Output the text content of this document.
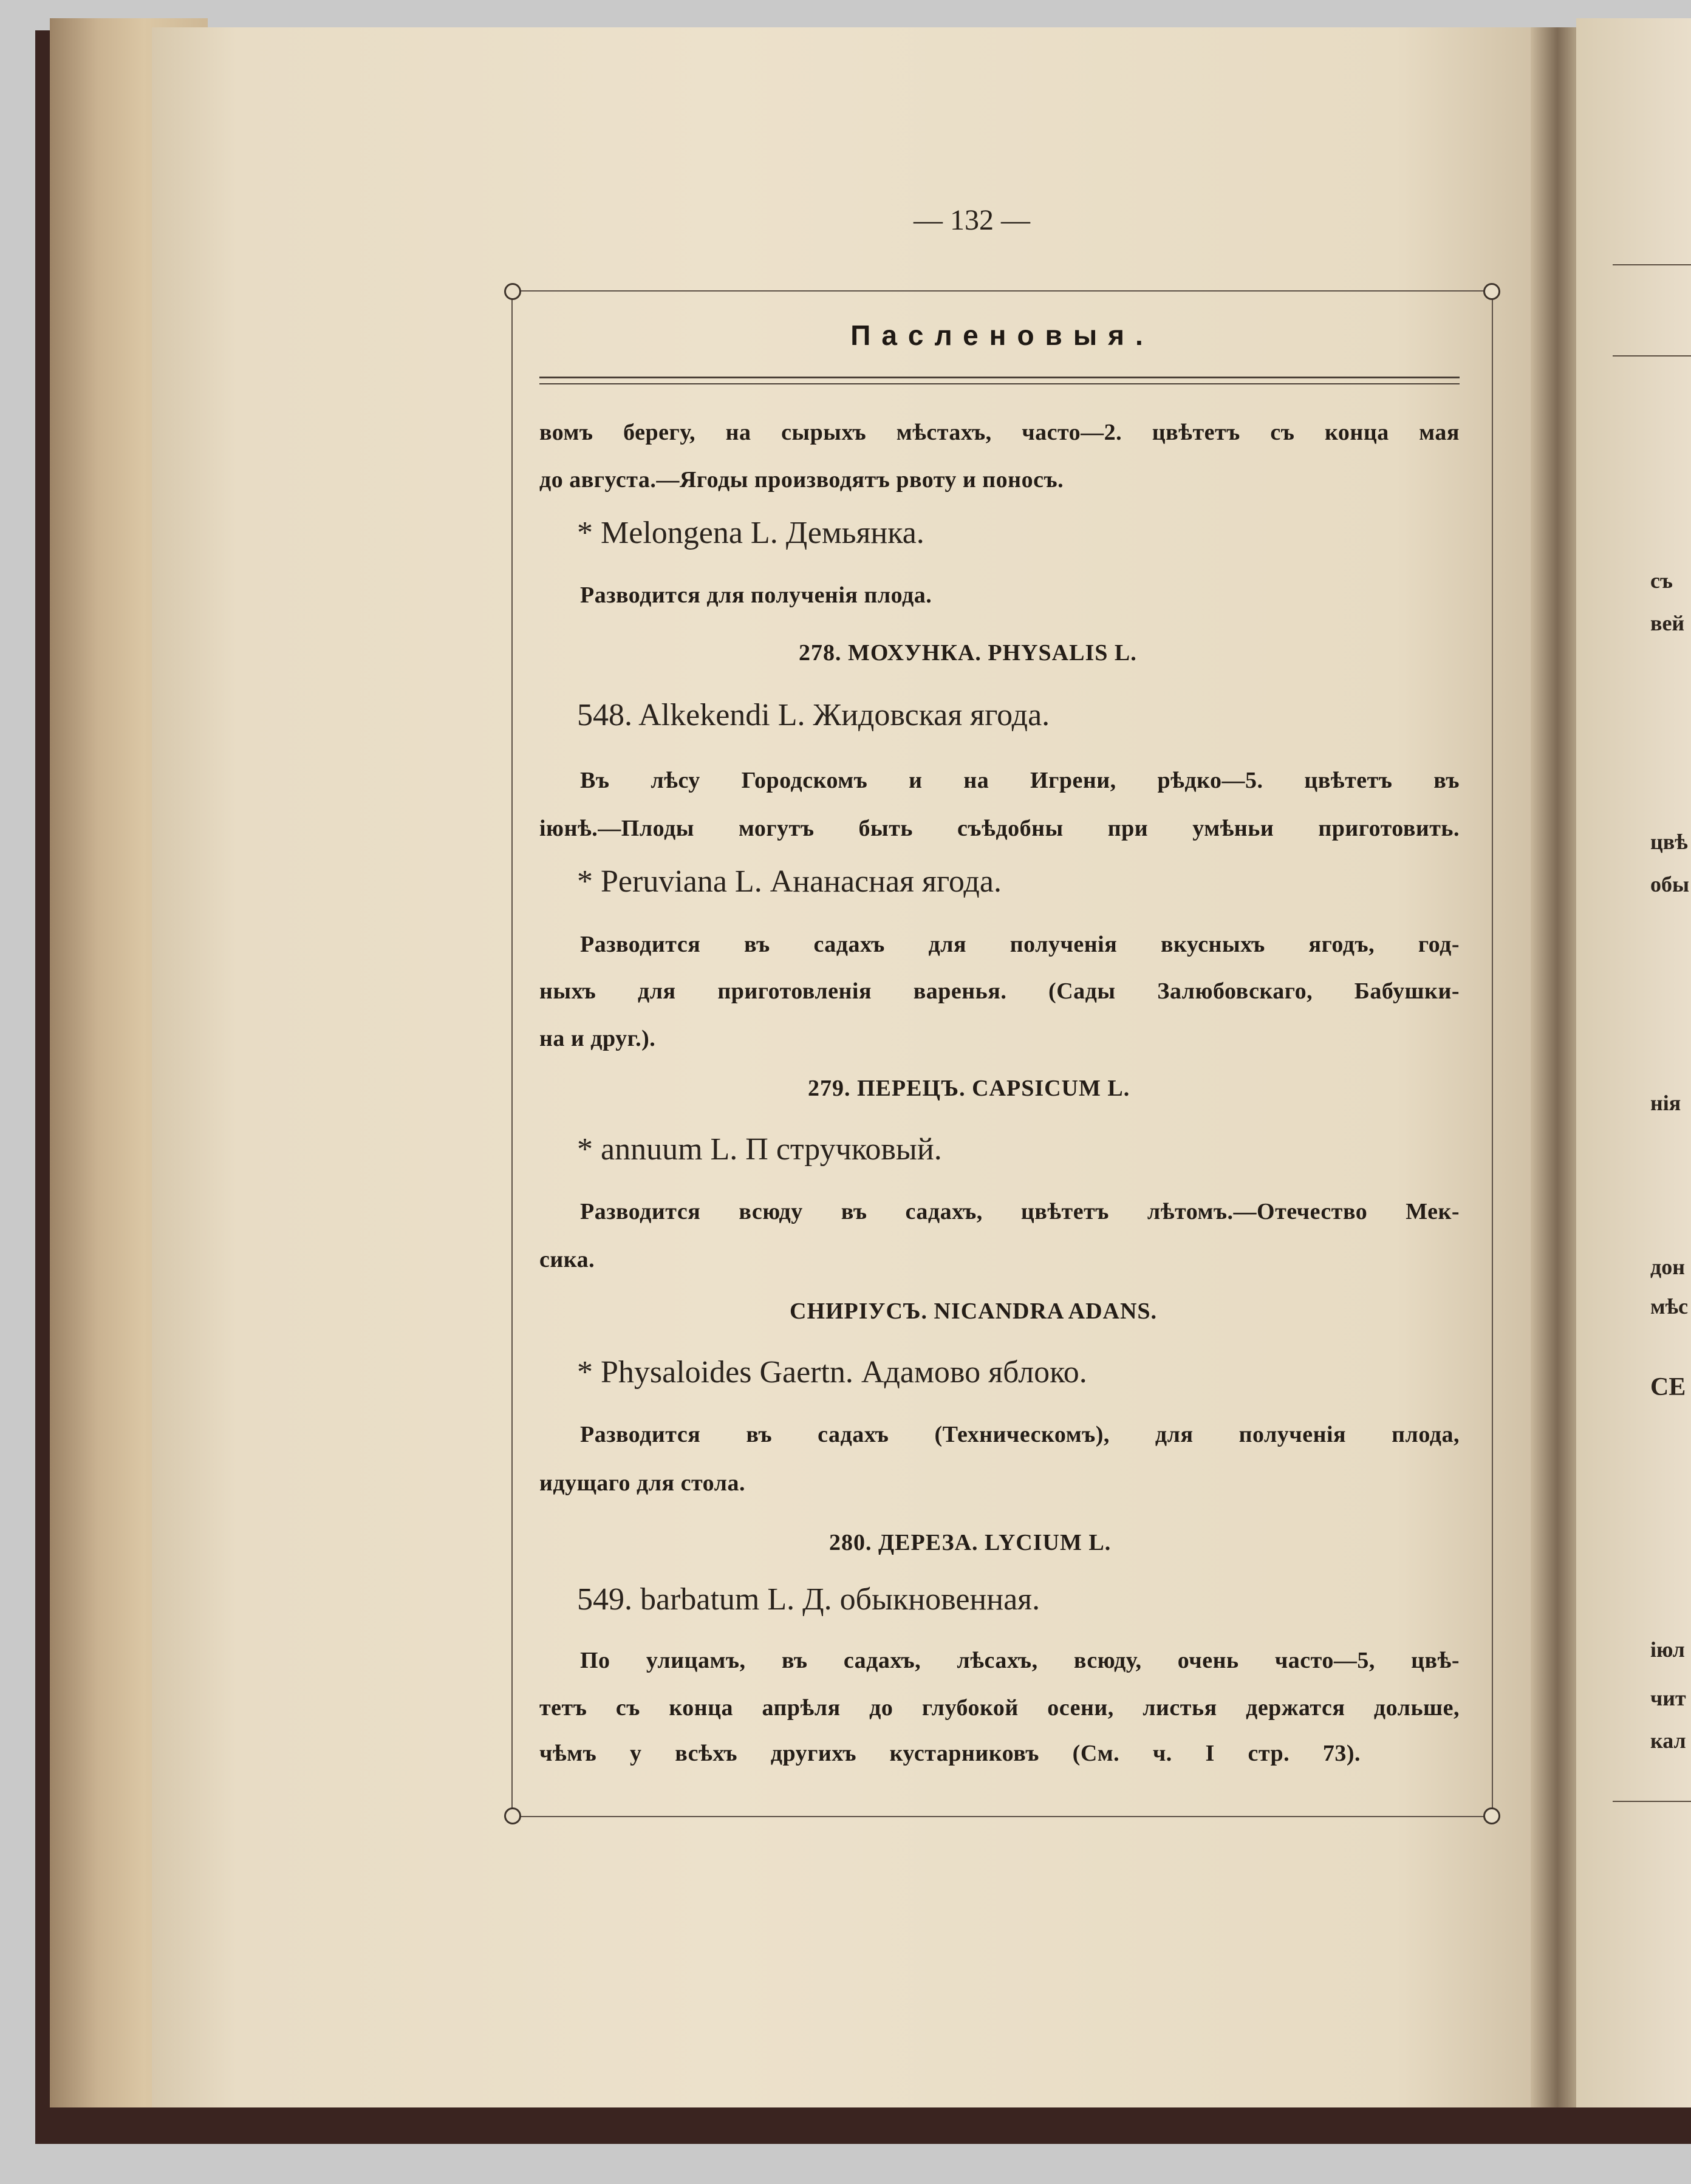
съ
вей
цвѣ
обы
нія
дон
мѣс
СЕ
іюл
чит
кал
— 132 —
Пасленовыя.
вомъ берегу, на сырыхъ мѣстахъ, часто—2. цвѣтетъ съ конца мая
до августа.—Ягоды производятъ рвоту и поносъ.
* Melongena L. Демьянка.
Разводится для полученія плода.
278. МОХУНКА. PHYSALIS L.
548. Alkekendi L. Жидовская ягода.
Въ лѣсу Городскомъ и на Игрени, рѣдко—5. цвѣтетъ въ
іюнѣ.—Плоды могутъ быть съѣдобны при умѣньи приготовить.
* Peruviana L. Ананасная ягода.
Разводится въ садахъ для полученія вкусныхъ ягодъ, год-
ныхъ для приготовленія варенья. (Сады Залюбовскаго, Бабушки-
на и друг.).
279. ПЕРЕЦЪ. CAPSICUM L.
* annuum L. П стручковый.
Разводится всюду въ садахъ, цвѣтетъ лѣтомъ.—Отечество Мек-
сика.
СНИРІУСЪ. NICANDRA ADANS.
* Physaloides Gaertn. Адамово яблоко.
Разводится въ садахъ (Техническомъ), для полученія плода,
идущаго для стола.
280. ДЕРЕЗА. LYCIUM L.
549. barbatum L. Д. обыкновенная.
По улицамъ, въ садахъ, лѣсахъ, всюду, очень часто—5, цвѣ-
тетъ съ конца апрѣля до глубокой осени, листья держатся дольше,
чѣмъ у всѣхъ другихъ кустарниковъ (См. ч. I стр. 73).
